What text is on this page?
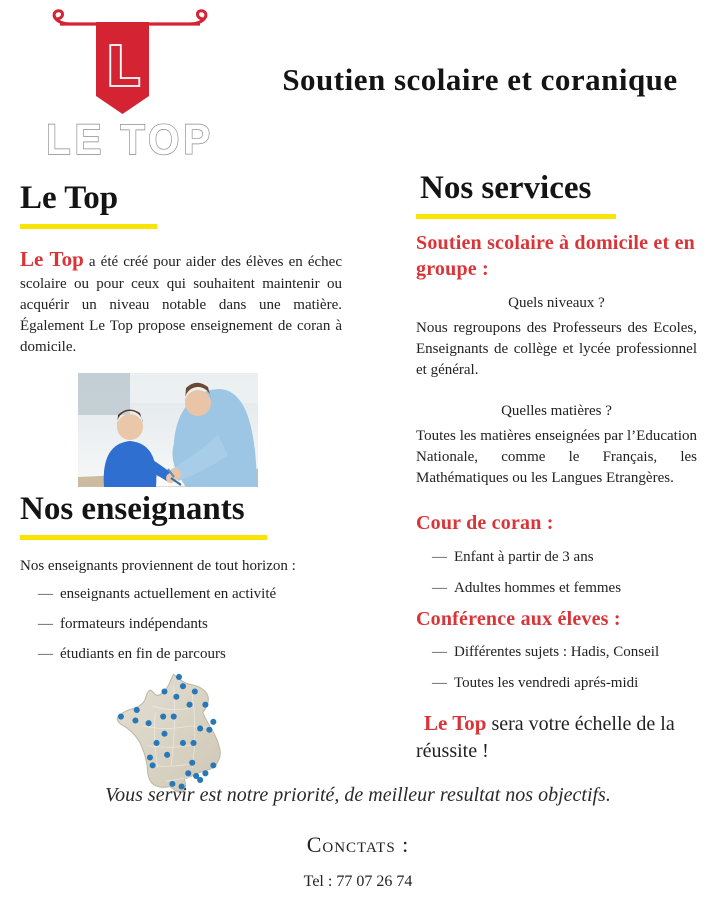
L
LE TOP
Soutien scolaire et coranique
Le Top

Le Top a été créé pour aider des élèves en échec scolaire ou pour ceux qui souhaitent maintenir ou acquérir un niveau notable dans une matière. Également Le Top propose enseignement de coran à domicile.

Nos enseignants
Nos enseignants proviennent de tout horizon :
— enseignants actuellement en activité
— formateurs indépendants
— étudiants en fin de parcours
Nos services
Soutien scolaire à domicile et en groupe :
Quels niveaux ?

Nous regroupons des Professeurs des Ecoles, Enseignants de collège et lycée professionnel et général.

Quelles matières ?

Toutes les matières enseignées par l’Education Nationale, comme le Français, les Mathématiques ou les Langues Etrangères.

Cour de coran :
— Enfant à partir de 3 ans
— Adultes hommes et femmes
Conférence aux éleves :
— Différentes sujets : Hadis, Conseil
— Toutes les vendredi aprés-midi

Le Top sera votre échelle de la réussite !

Vous servir est notre priorité, de meilleur resultat nos objectifs.
Conctats :
Tel : 77 07 26 74
